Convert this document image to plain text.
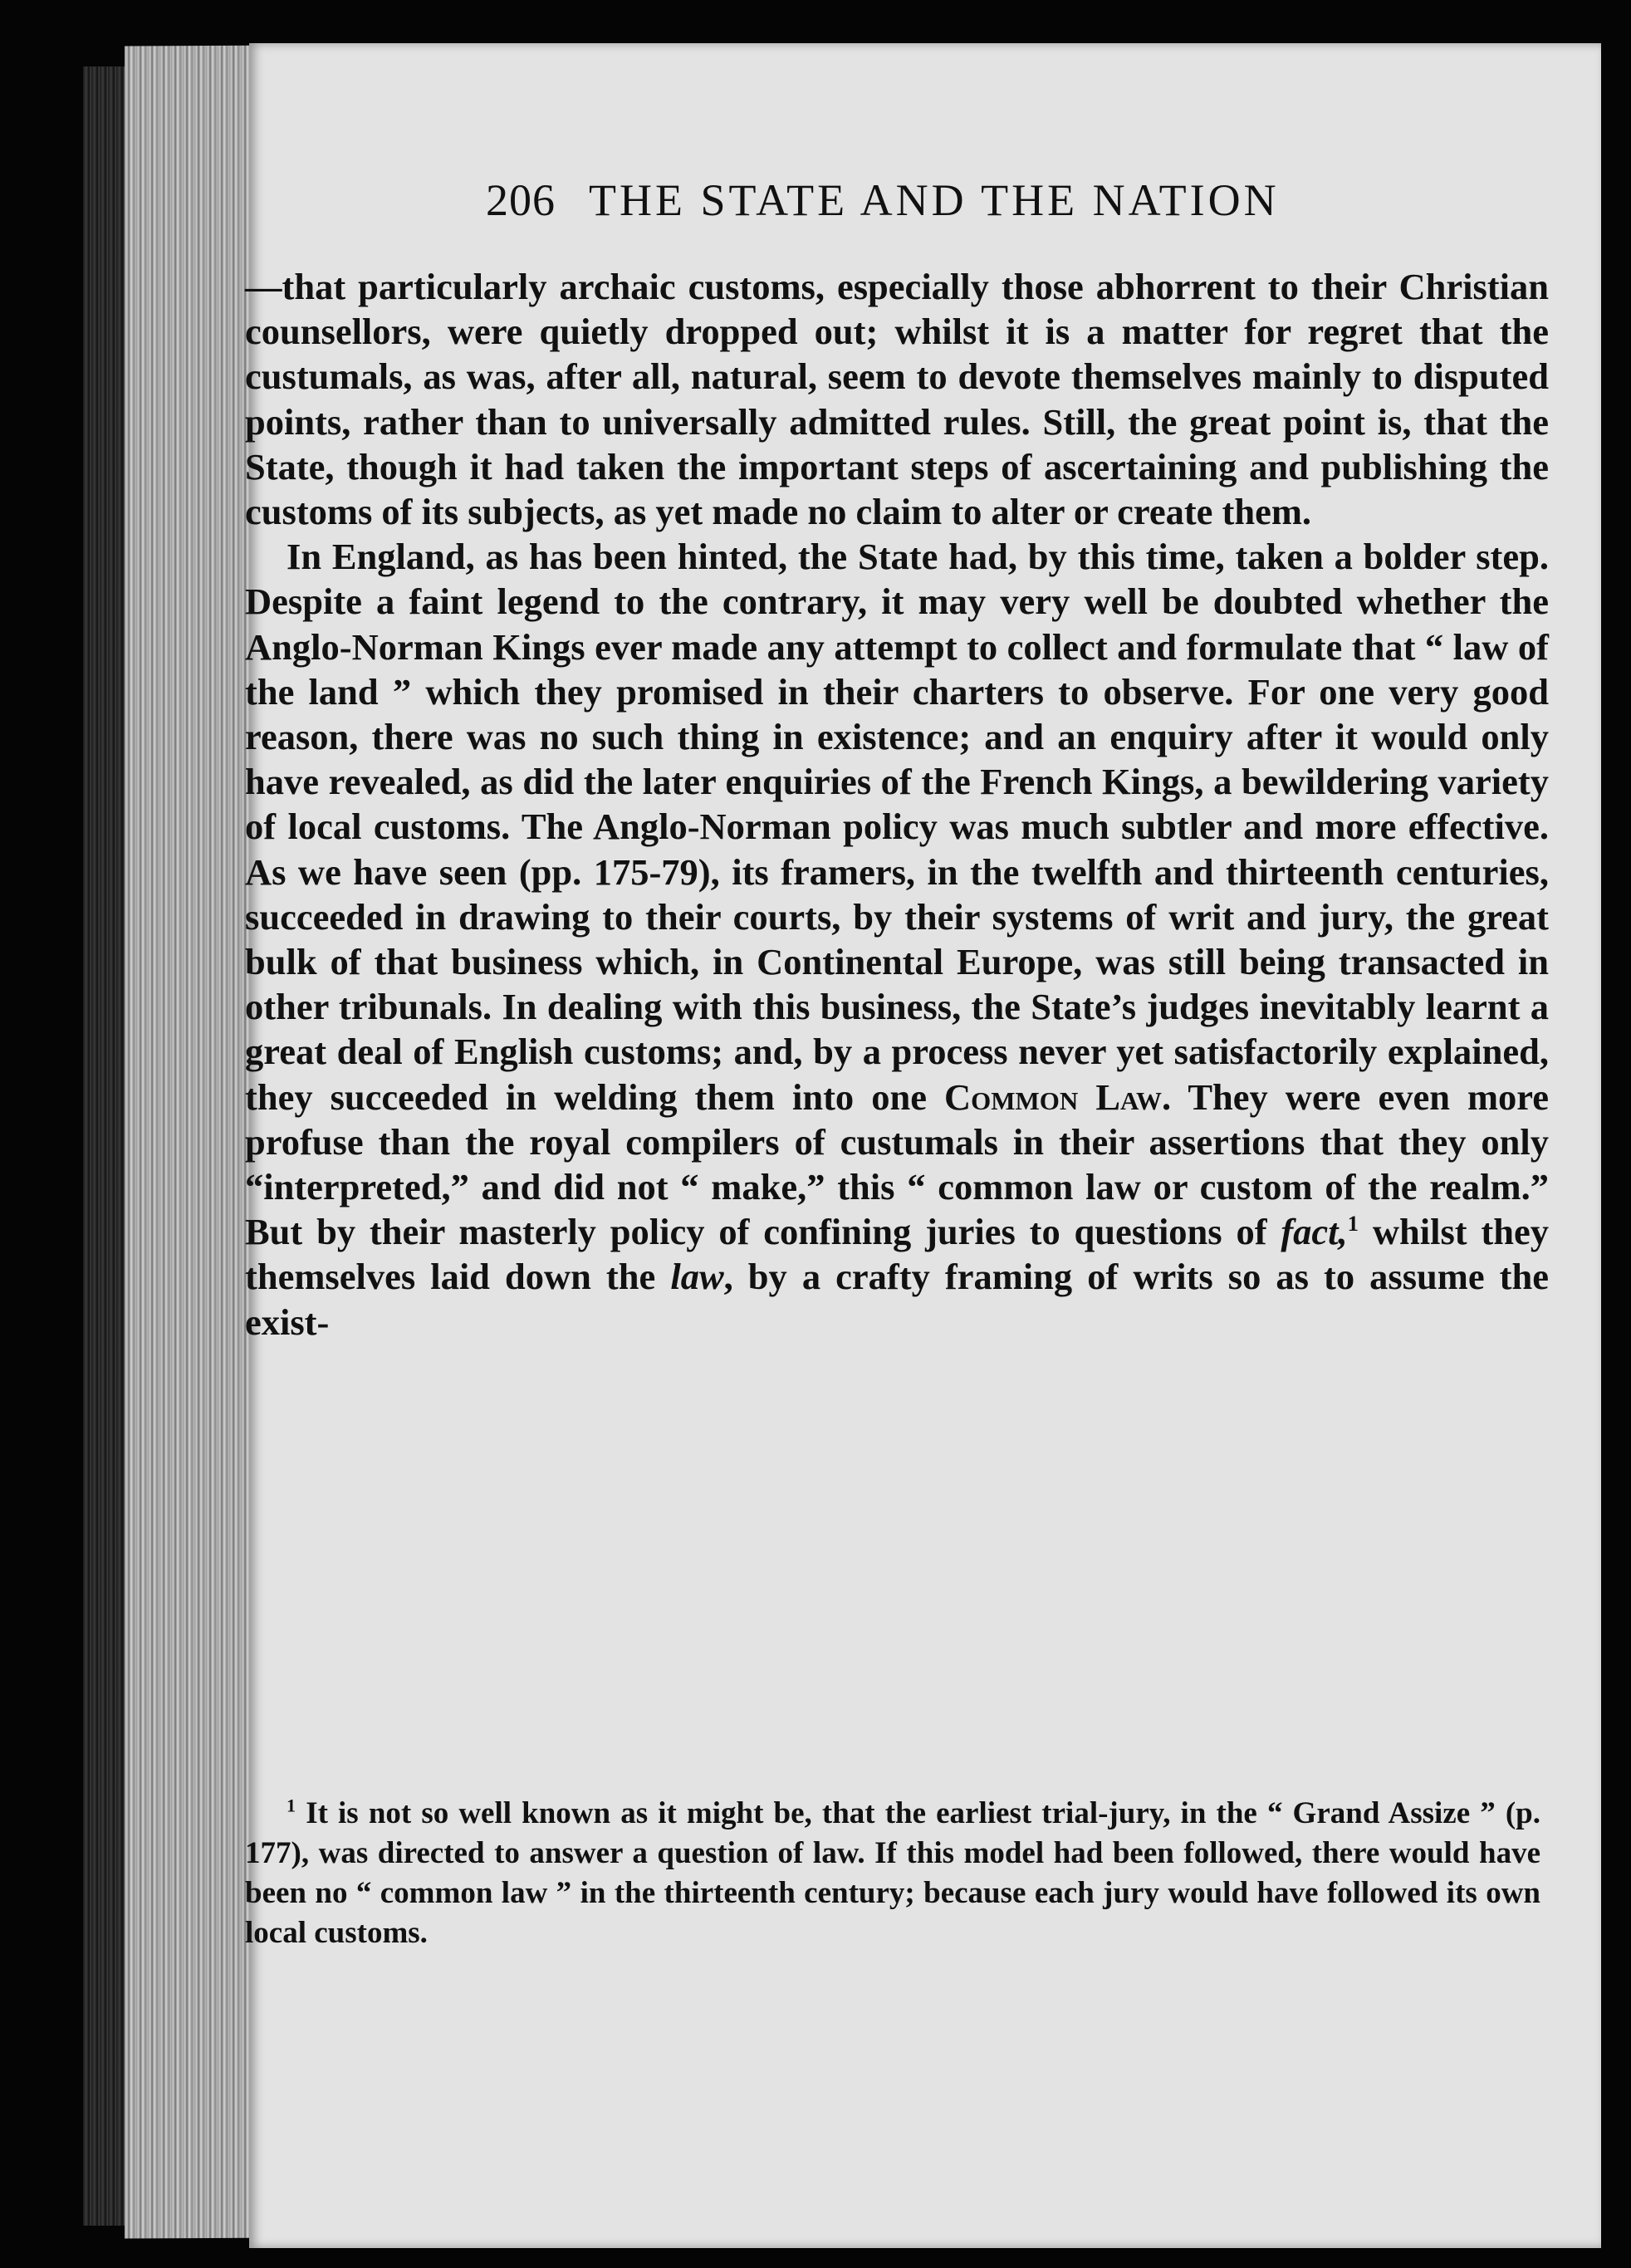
206 THE STATE AND THE NATION

—that particularly archaic customs, especially those abhorrent to their Christian counsellors, were quietly dropped out; whilst it is a matter for regret that the custumals, as was, after all, natural, seem to devote themselves mainly to disputed points, rather than to universally admitted rules. Still, the great point is, that the State, though it had taken the important steps of ascertaining and publishing the customs of its subjects, as yet made no claim to alter or create them.

In England, as has been hinted, the State had, by this time, taken a bolder step. Despite a faint legend to the contrary, it may very well be doubted whether the Anglo-Norman Kings ever made any attempt to collect and formulate that “ law of the land ” which they promised in their charters to observe. For one very good reason, there was no such thing in existence; and an enquiry after it would only have revealed, as did the later enquiries of the French Kings, a bewildering variety of local customs. The Anglo-Norman policy was much subtler and more effective. As we have seen (pp. 175-79), its framers, in the twelfth and thirteenth centuries, succeeded in drawing to their courts, by their systems of writ and jury, the great bulk of that business which, in Continental Europe, was still being transacted in other tribunals. In dealing with this business, the State’s judges inevitably learnt a great deal of English customs; and, by a process never yet satisfactorily explained, they succeeded in welding them into one Common Law. They were even more profuse than the royal compilers of custumals in their assertions that they only “interpreted,” and did not “ make,” this “ common law or custom of the realm.” But by their masterly policy of confining juries to questions of fact,$^1$ whilst they themselves laid down the law, by a crafty framing of writs so as to assume the exist-

$^1$ It is not so well known as it might be, that the earliest trial-jury, in the “ Grand Assize ” (p. 177), was directed to answer a question of law. If this model had been followed, there would have been no “ common law ” in the thirteenth century; because each jury would have followed its own local customs.
